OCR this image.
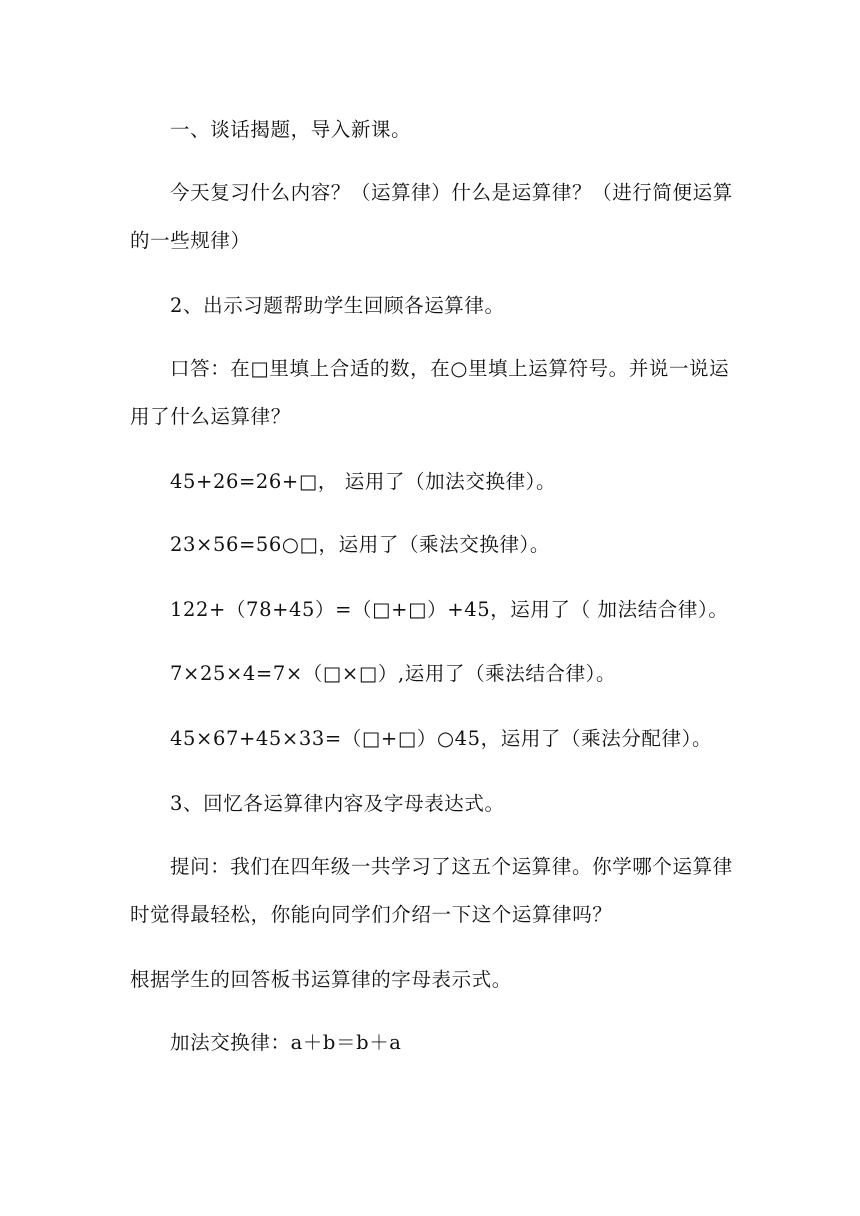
一、谈话揭题，导入新课。

今天复习什么内容？（运算律）什么是运算律？（进行简便运算的一些规律）

2、出示习题帮助学生回顾各运算律。

口答：在□里填上合适的数，在○里填上运算符号。并说一说运用了什么运算律？

45+26=26+□， 运用了（加法交换律）。

23×56=56○□，运用了（乘法交换律）。

122+（78+45）=（□+□）+45，运用了（ 加法结合律）。

7×25×4=7×（□×□）,运用了（乘法结合律）。

45×67+45×33=（□+□）○45，运用了（乘法分配律）。

3、回忆各运算律内容及字母表达式。

提问：我们在四年级一共学习了这五个运算律。你学哪个运算律时觉得最轻松，你能向同学们介绍一下这个运算律吗？

根据学生的回答板书运算律的字母表示式。

加法交换律：a＋b＝b＋a
